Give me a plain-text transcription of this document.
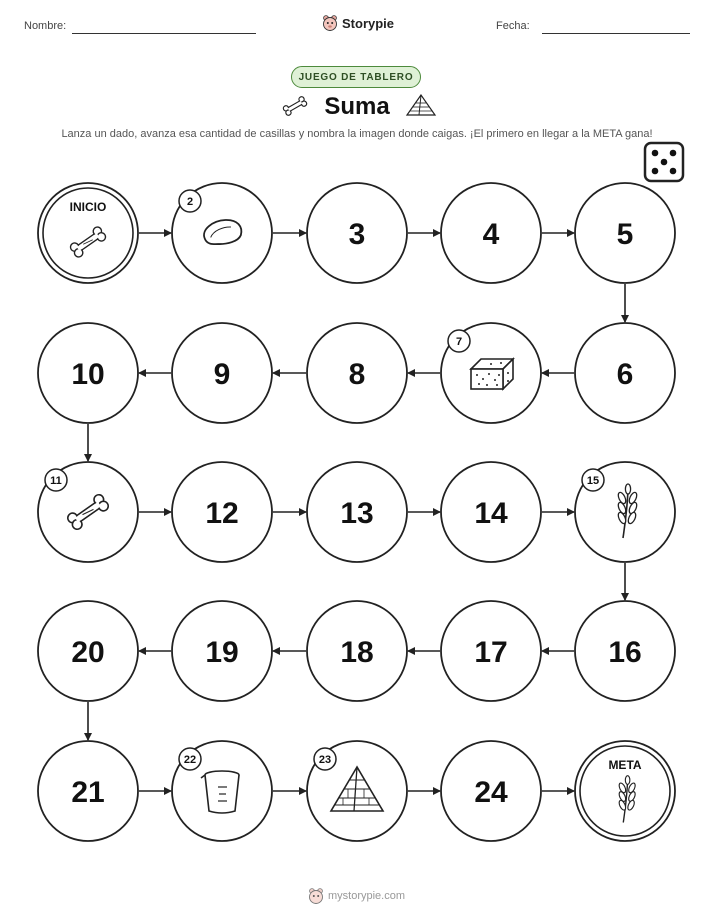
Nombre:	Storypie	Fecha:
JUEGO DE TABLERO
Suma
Lanza un dado, avanza esa cantidad de casillas y nombra la imagen donde caigas. ¡El primero en llegar a la META gana!
INICIO	2
3	4	5
6
7
8
9
10
11
12	13	14
15
16
17
18
19
20
21
22	23
24
META
mystorypie.com
